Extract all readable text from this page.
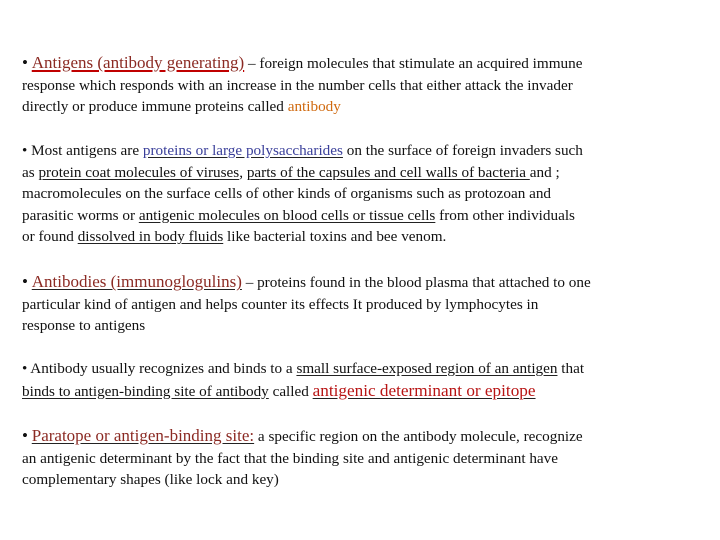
• Antigens (antibody generating) – foreign molecules that stimulate an acquired immune
response which responds with an increase in the number cells that either attack the invader
directly or produce immune proteins called antibody
• Most antigens are proteins or large polysaccharides on the surface of foreign invaders such
as protein coat molecules of viruses, parts of the capsules and cell walls of bacteria and ;
macromolecules on the surface cells of other kinds of organisms such as protozoan and
parasitic worms or antigenic molecules on blood cells or tissue cells from other individuals
or found dissolved in body fluids like bacterial toxins and bee venom.
• Antibodies (immunoglogulins) – proteins found in the blood plasma that attached to one
particular kind of antigen and helps counter its effects It produced by lymphocytes in
response to antigens
• Antibody usually recognizes and binds to a small surface-exposed region of an antigen that
binds to antigen-binding site of antibody called antigenic determinant or epitope
• Paratope or antigen-binding site: a specific region on the antibody molecule, recognize
an antigenic determinant by the fact that the binding site and antigenic determinant have
complementary shapes (like lock and key)
